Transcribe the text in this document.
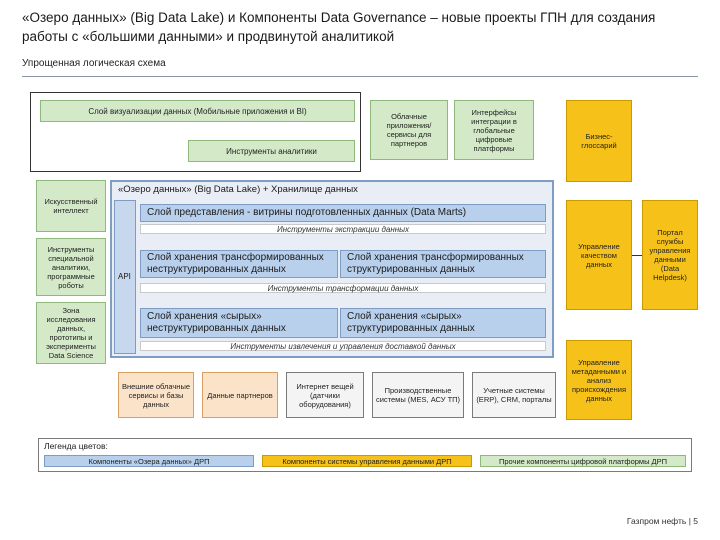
«Озеро данных» (Big Data Lake) и Компоненты Data Governance – новые проекты ГПН для создания работы с «большими данными» и продвинутой аналитикой
Упрощенная логическая схема
Слой визуализации данных (Мобильные приложения и BI)
Инструменты аналитики
Облачные приложения/ сервисы для партнеров
Интерфейсы интеграции в глобальные цифровые платформы
Искусственный интеллект
Инструменты специальной аналитики, программные роботы
Зона исследования данных, прототипы и эксперименты Data Science
«Озеро данных» (Big Data Lake) + Хранилище данных
API
Слой представления - витрины подготовленных данных (Data Marts)
Инструменты экстракции данных
Слой хранения трансформированных неструктурированных данных
Слой хранения трансформированных структурированных данных
Инструменты трансформации данных
Слой хранения «сырых» неструктурированных данных
Слой хранения «сырых» структурированных данных
Инструменты извлечения и управления доставкой данных
Бизнес-глоссарий
Управление качеством данных
Управление метаданными и анализ происхождения данных
Портал службы управления данными (Data Helpdesk)
Внешние облачные сервисы и базы данных
Данные партнеров
Интернет вещей (датчики оборудования)
Производственные системы (MES, АСУ ТП)
Учетные системы (ERP), CRM, порталы
Легенда цветов:
Компоненты «Озера данных» ДРП	Компоненты системы управления данными ДРП	Прочие компоненты цифровой платформы ДРП
Газпром нефть | 5
